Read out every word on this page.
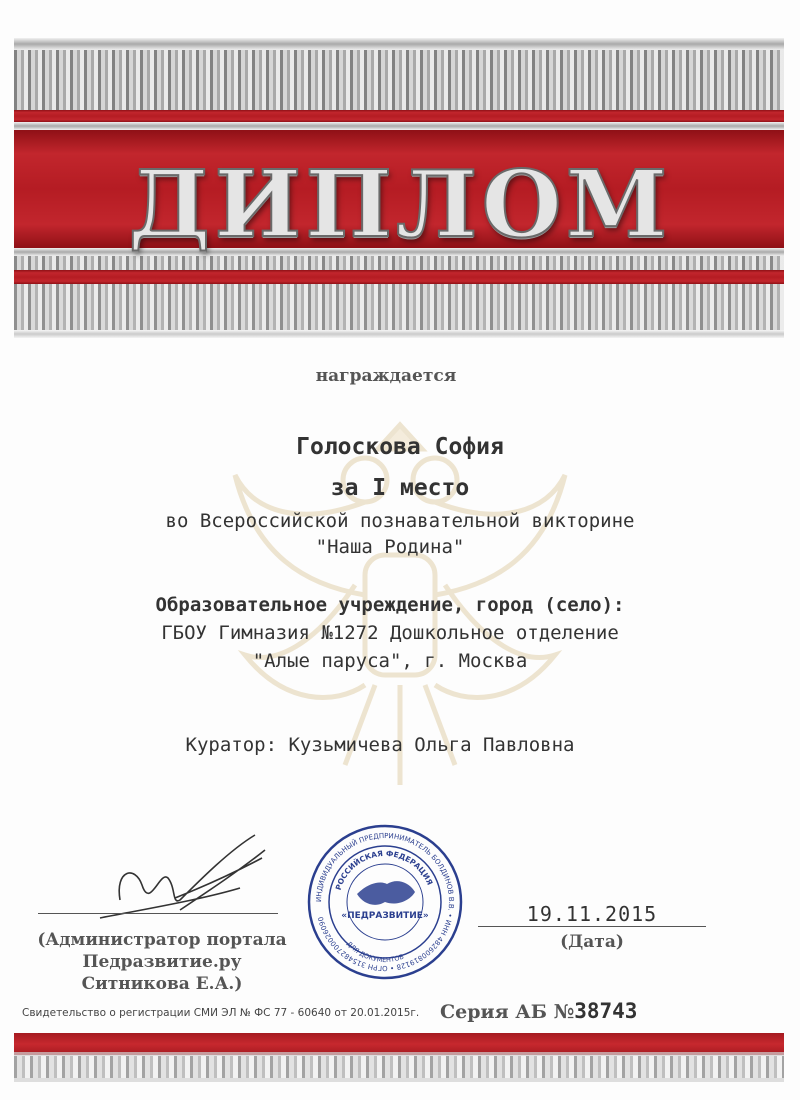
ДИПЛОМ
награждается
Голоскова София
за I место
во Всероссийской познавательной викторине
"Наша Родина"
Образовательное учреждение, город (село):
ГБОУ Гимназия №1272 Дошкольное отделение
"Алые паруса", г. Москва
Куратор: Кузьмичева Ольга Павловна
(Администратор портала
Педразвитие.ру
Ситникова Е.А.)
ИНДИВИДУАЛЬНЫЙ ПРЕДПРИНИМАТЕЛЬ БОЛДИНОВ В.В. • ИНН 482600819128 • ОГРН 315482700026090
РОССИЙСКАЯ ФЕДЕРАЦИЯ
«ПЕДРАЗВИТИЕ»
ДЛЯ ДОКУМЕНТОВ
19.11.2015
(Дата)
Свидетельство о регистрации СМИ ЭЛ № ФС 77 - 60640 от 20.01.2015г. Серия АБ №38743
